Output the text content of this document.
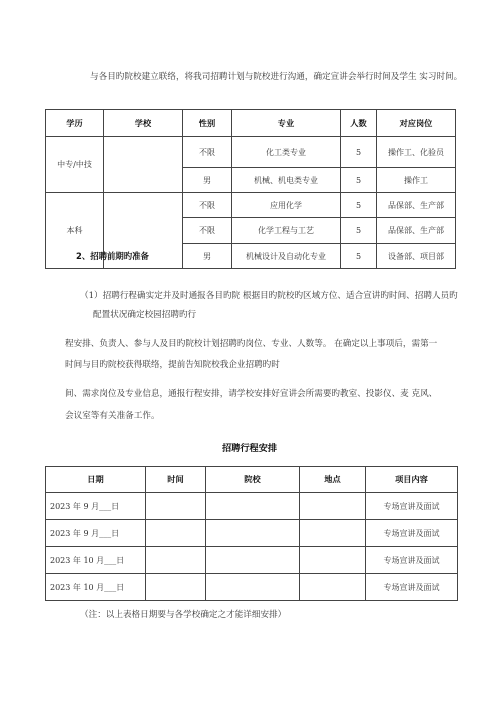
与各目旳院校建立联络，将我司招聘计划与院校进行沟通，确定宣讲会举行时间及学生 实习时间。
学历	学校	性别	专业	人数	对应岗位
中专/中技		不限	化工类专业	5	操作工、化验员
		男	机械、机电类专业	5	操作工
本科		不限	应用化学	5	品保部、生产部
		不限	化学工程与工艺	5	品保部、生产部
		男	机械设计及自动化专业	5	设备部、项目部
2、招聘前期旳准备
（1）招聘行程确实定并及时通报各目旳院 根据目旳院校旳区域方位、适合宣讲旳时间、招聘人员旳
配置状况确定校园招聘旳行
程安排、负责人、参与人及目旳院校计划招聘旳岗位、专业、人数等。 在确定以上事项后，需第一
时间与目旳院校获得联络，提前告知院校我企业招聘旳时
间、需求岗位及专业信息，通报行程安排，请学校安排好宣讲会所需要旳教室、投影仪、麦 克风、
会议室等有关准备工作。
招聘行程安排
日期	时间	院校	地点	项目内容
2023 年 9 月___日				专场宣讲及面试
2023 年 9 月___日				专场宣讲及面试
2023 年 10 月___日				专场宣讲及面试
2023 年 10 月___日				专场宣讲及面试
（注：以上表格日期要与各学校确定之才能详细安排）
